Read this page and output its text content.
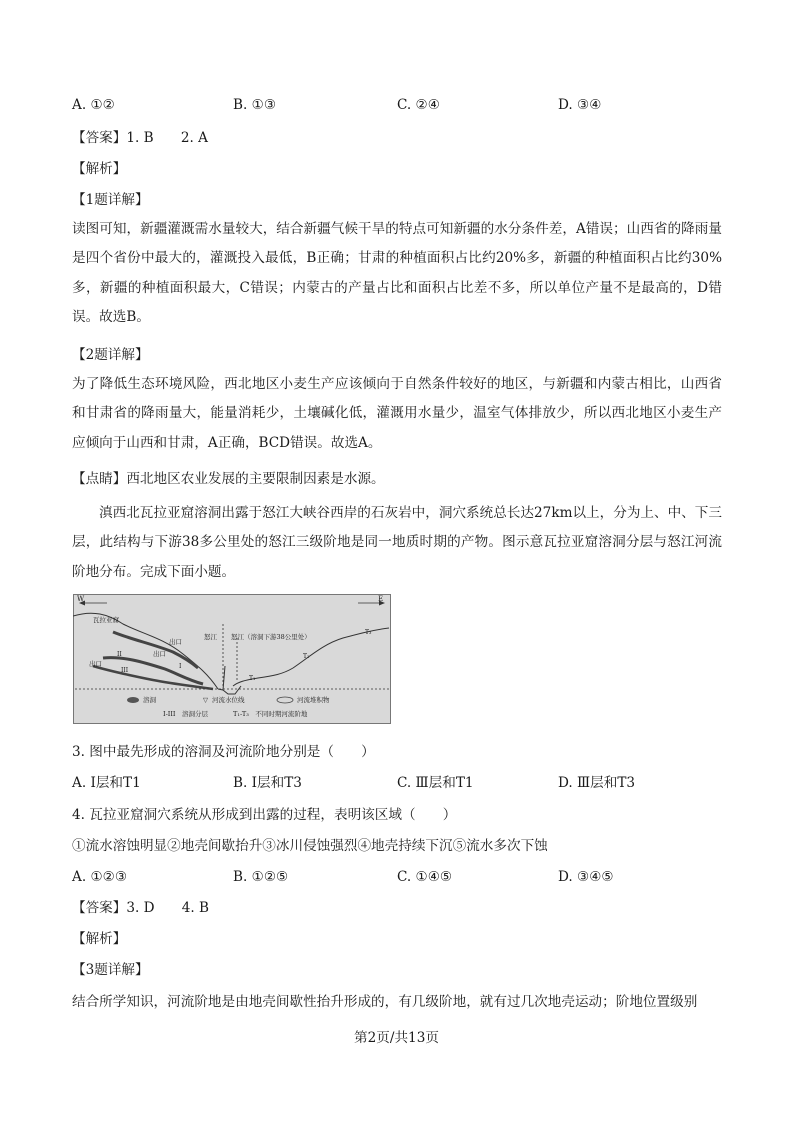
A. ①②	B. ①③	C. ②④	D. ③④
【答案】1. B　　2. A
【解析】
【1题详解】
读图可知，新疆灌溉需水量较大，结合新疆气候干旱的特点可知新疆的水分条件差，A错误；山西省的降雨量是四个省份中最大的，灌溉投入最低，B正确；甘肃的种植面积占比约20%多，新疆的种植面积占比约30%多，新疆的种植面积最大，C错误；内蒙古的产量占比和面积占比差不多，所以单位产量不是最高的，D错误。故选B。
【2题详解】
为了降低生态环境风险，西北地区小麦生产应该倾向于自然条件较好的地区，与新疆和内蒙古相比，山西省和甘肃省的降雨量大，能量消耗少，土壤碱化低，灌溉用水量少，温室气体排放少，所以西北地区小麦生产应倾向于山西和甘肃，A正确，BCD错误。故选A。
【点睛】西北地区农业发展的主要限制因素是水源。
滇西北瓦拉亚窟溶洞出露于怒江大峡谷西岸的石灰岩中，洞穴系统总长达27km以上，分为上、中、下三层，此结构与下游38多公里处的怒江三级阶地是同一地质时期的产物。图示意瓦拉亚窟溶洞分层与怒江河流阶地分布。完成下面小题。
W	E
瓦拉亚窟
出口
出口
出口	I
II
III
怒江 怒江（溶洞下游38公里处）
T₁
T₂
T₃
溶洞	▽ 河流水位线	河流堆积物
I-III　溶洞分层	T₁-T₃　不同时期河流阶地
3. 图中最先形成的溶洞及河流阶地分别是（　　）
A. Ⅰ层和T1	B. Ⅰ层和T3	C. Ⅲ层和T1	D. Ⅲ层和T3
4. 瓦拉亚窟洞穴系统从形成到出露的过程，表明该区域（　　）
①流水溶蚀明显②地壳间歇抬升③冰川侵蚀强烈④地壳持续下沉⑤流水多次下蚀
A. ①②③	B. ①②⑤	C. ①④⑤	D. ③④⑤
【答案】3. D　　4. B
【解析】
【3题详解】
结合所学知识，河流阶地是由地壳间歇性抬升形成的，有几级阶地，就有过几次地壳运动；阶地位置级别
第2页/共13页
